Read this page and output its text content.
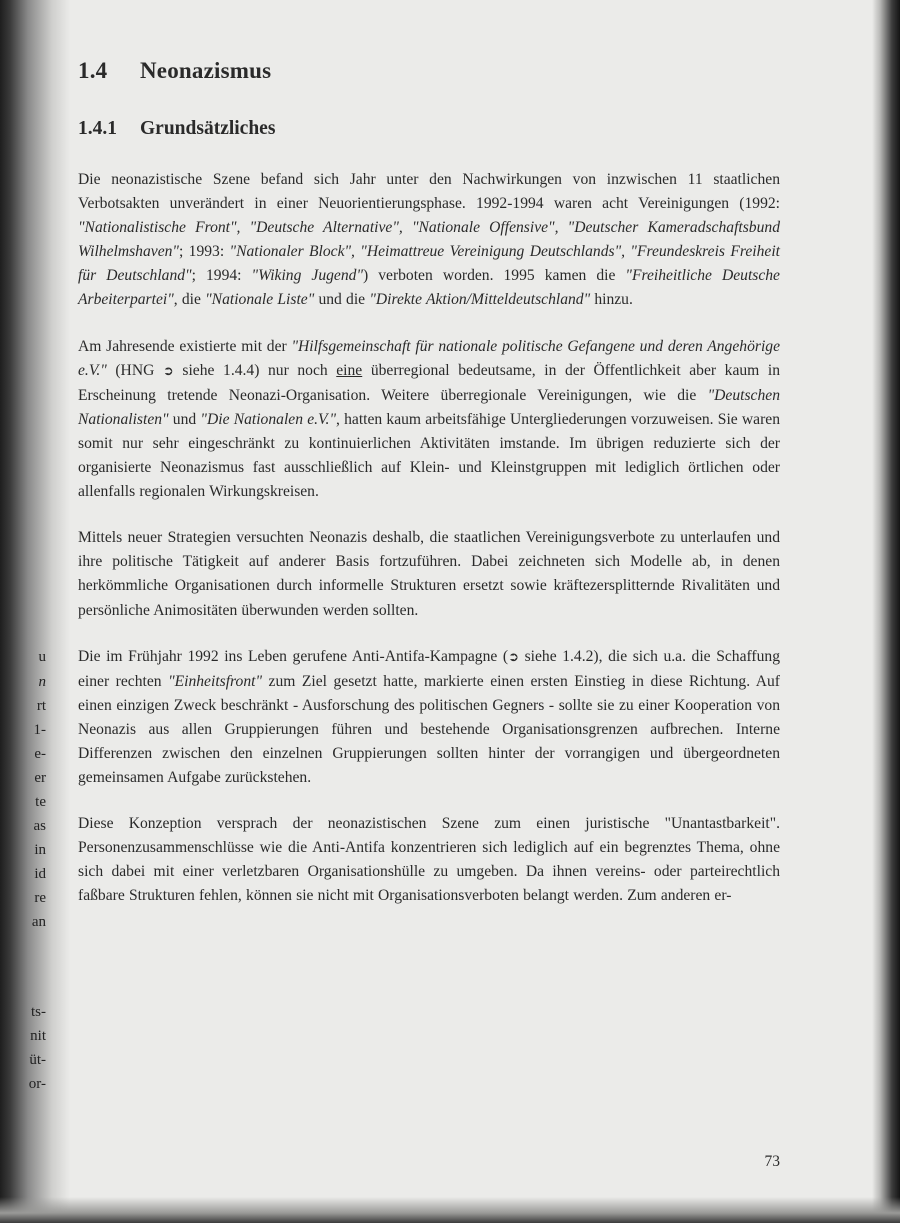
u
n
rt
1-
e-
er
te
as
in
id
re
an
ts-
nit
üt-
or-
1.4 Neonazismus
1.4.1 Grundsätzliches

Die neonazistische Szene befand sich Jahr unter den Nachwirkungen von inzwischen 11 staatlichen Verbotsakten unverändert in einer Neuorientierungsphase. 1992-1994 waren acht Vereinigungen (1992: "Nationalistische Front", "Deutsche Alternative", "Nationale Offensive", "Deutscher Kameradschaftsbund Wilhelmshaven"; 1993: "Nationaler Block", "Heimattreue Vereinigung Deutschlands", "Freundeskreis Freiheit für Deutschland"; 1994: "Wiking Jugend") verboten worden. 1995 kamen die "Freiheitliche Deutsche Arbeiterpartei", die "Nationale Liste" und die "Direkte Aktion/Mitteldeutschland" hinzu.

Am Jahresende existierte mit der "Hilfsgemeinschaft für nationale politische Gefangene und deren Angehörige e.V." (HNG ➲ siehe 1.4.4) nur noch eine überregional bedeutsame, in der Öffentlichkeit aber kaum in Erscheinung tretende Neonazi-Organisation. Weitere überregionale Vereinigungen, wie die "Deutschen Nationalisten" und "Die Nationalen e.V.", hatten kaum arbeitsfähige Untergliederungen vorzuweisen. Sie waren somit nur sehr eingeschränkt zu kontinuierlichen Aktivitäten imstande. Im übrigen reduzierte sich der organisierte Neonazismus fast ausschließlich auf Klein- und Kleinstgruppen mit lediglich örtlichen oder allenfalls regionalen Wirkungskreisen.

Mittels neuer Strategien versuchten Neonazis deshalb, die staatlichen Vereinigungsverbote zu unterlaufen und ihre politische Tätigkeit auf anderer Basis fortzuführen. Dabei zeichneten sich Modelle ab, in denen herkömmliche Organisationen durch informelle Strukturen ersetzt sowie kräftezersplitternde Rivalitäten und persönliche Animositäten überwunden werden sollten.

Die im Frühjahr 1992 ins Leben gerufene Anti-Antifa-Kampagne (➲ siehe 1.4.2), die sich u.a. die Schaffung einer rechten "Einheitsfront" zum Ziel gesetzt hatte, markierte einen ersten Einstieg in diese Richtung. Auf einen einzigen Zweck beschränkt - Ausforschung des politischen Gegners - sollte sie zu einer Kooperation von Neonazis aus allen Gruppierungen führen und bestehende Organisationsgrenzen aufbrechen. Interne Differenzen zwischen den einzelnen Gruppierungen sollten hinter der vorrangigen und übergeordneten gemeinsamen Aufgabe zurückstehen.

Diese Konzeption versprach der neonazistischen Szene zum einen juristische "Unantastbarkeit". Personenzusammenschlüsse wie die Anti-Antifa konzentrieren sich lediglich auf ein begrenztes Thema, ohne sich dabei mit einer verletzbaren Organisationshülle zu umgeben. Da ihnen vereins- oder parteirechtlich faßbare Strukturen fehlen, können sie nicht mit Organisationsverboten belangt werden. Zum anderen er-

73
